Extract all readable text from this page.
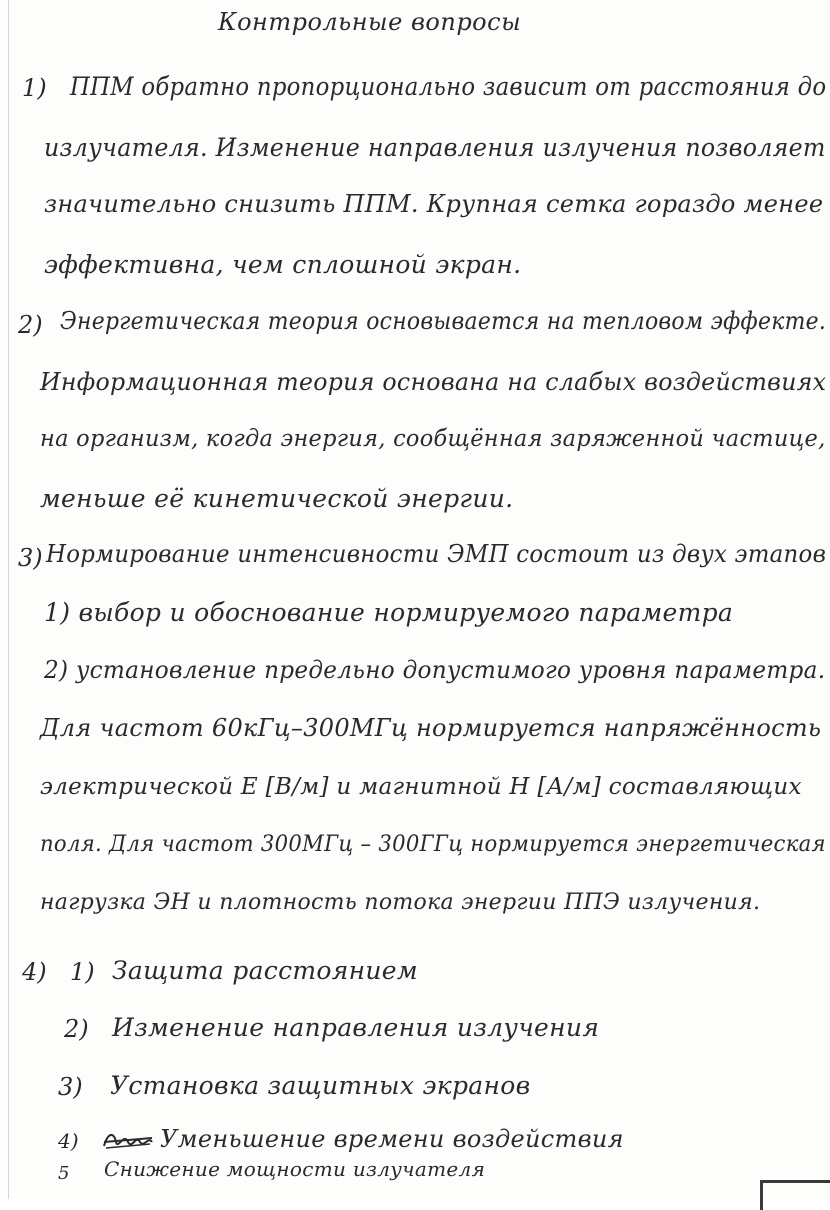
Контрольные вопросы
1) ППМ обратно пропорционально зависит от расстояния до
излучателя. Изменение направления излучения позволяет
значительно снизить ППМ. Крупная сетка гораздо менее
эффективна, чем сплошной экран.
2) Энергетическая теория основывается на тепловом эффекте.
Информационная теория основана на слабых воздействиях
на организм, когда энергия, сообщённая заряженной частице,
меньше её кинетической энергии.
3) Нормирование интенсивности ЭМП состоит из двух этапов
1) выбор и обоснование нормируемого параметра
2) установление предельно допустимого уровня параметра.
Для частот 60кГц–300МГц нормируется напряжённость
электрической E [В/м] и магнитной H [А/м] составляющих
поля. Для частот 300МГц – 300ГГц нормируется энергетическая
нагрузка ЭН и плотность потока энергии ППЭ излучения.
4) 1) Защита расстоянием
2) Изменение направления излучения
3) Установка защитных экранов
4)	Уменьшение времени воздействия
5 Снижение мощности излучателя
